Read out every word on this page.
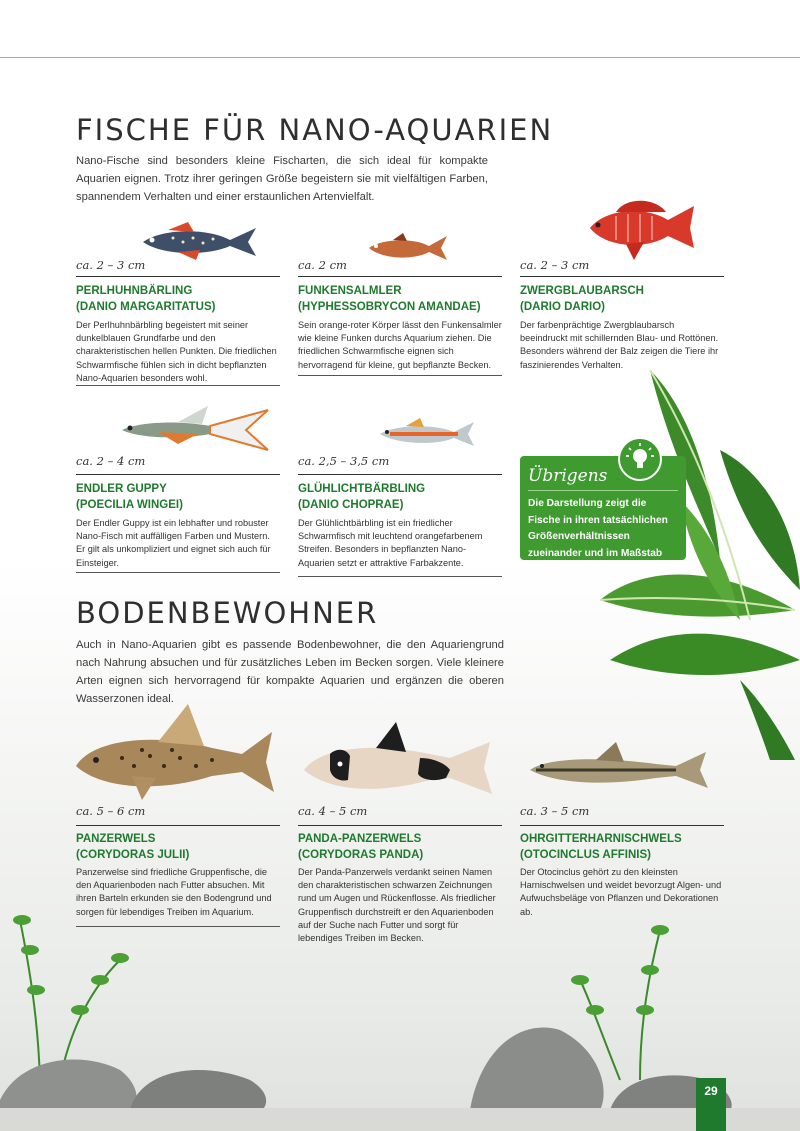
FISCHE FÜR NANO-AQUARIEN

Nano-Fische sind besonders kleine Fischarten, die sich ideal für kompakte Aquarien eignen. Trotz ihrer geringen Größe begeistern sie mit vielfältigen Farben, spannendem Verhalten und einer erstaunlichen Artenvielfalt.

ca. 2 – 3 cm

PERLHUHNBÄRLING
(DANIO MARGARITATUS)

Der Perlhuhnbärbling begeistert mit seiner dunkelblauen Grundfarbe und den charakteristischen hellen Punkten. Die friedlichen Schwarmfische fühlen sich in dicht bepflanzten Nano-Aquarien besonders wohl.

ca. 2 cm

FUNKENSALMLER
(HYPHESSOBRYCON AMANDAE)

Sein orange-roter Körper lässt den Funkensalmler wie kleine Funken durchs Aquarium ziehen. Die friedlichen Schwarmfische eignen sich hervorragend für kleine, gut bepflanzte Becken.

ca. 2 – 3 cm

ZWERGBLAUBARSCH
(DARIO DARIO)

Der farbenprächtige Zwergblaubarsch beeindruckt mit schillernden Blau- und Rottönen. Besonders während der Balz zeigen die Tiere ihr faszinierendes Verhalten.

ca. 2 – 4 cm

ENDLER GUPPY
(POECILIA WINGEI)

Der Endler Guppy ist ein lebhafter und robuster Nano-Fisch mit auffälligen Farben und Mustern. Er gilt als unkompliziert und eignet sich auch für Einsteiger.

ca. 2,5 – 3,5 cm

GLÜHLICHTBÄRBLING
(DANIO CHOPRAE)

Der Glühlichtbärbling ist ein friedlicher Schwarmfisch mit leuchtend orangefarbenem Streifen. Besonders in bepflanzten Nano-Aquarien setzt er attraktive Farbakzente.

Übrigens

Die Darstellung zeigt die Fische in ihren tatsächlichen Größenverhältnissen zueinander und im Maßstab 1:1.

BODENBEWOHNER

Auch in Nano-Aquarien gibt es passende Bodenbewohner, die den Aquariengrund nach Nahrung absuchen und für zusätzliches Leben im Becken sorgen. Viele kleinere Arten eignen sich hervorragend für kompakte Aquarien und ergänzen die oberen Wasserzonen ideal.

ca. 5 – 6 cm

PANZERWELS
(CORYDORAS JULII)

Panzerwelse sind friedliche Gruppenfische, die den Aquarienboden nach Futter absuchen. Mit ihren Barteln erkunden sie den Bodengrund und sorgen für lebendiges Treiben im Aquarium.

ca. 4 – 5 cm

PANDA-PANZERWELS
(CORYDORAS PANDA)

Der Panda-Panzerwels verdankt seinen Namen den charakteristischen schwarzen Zeichnungen rund um Augen und Rückenflosse. Als friedlicher Gruppenfisch durchstreift er den Aquarienboden auf der Suche nach Futter und sorgt für lebendiges Treiben im Becken.

ca. 3 – 5 cm

OHRGITTERHARNISCHWELS
(OTOCINCLUS AFFINIS)

Der Otocinclus gehört zu den kleinsten Harnischwelsen und weidet bevorzugt Algen- und Aufwuchsbeläge von Pflanzen und Dekorationen ab.

29
